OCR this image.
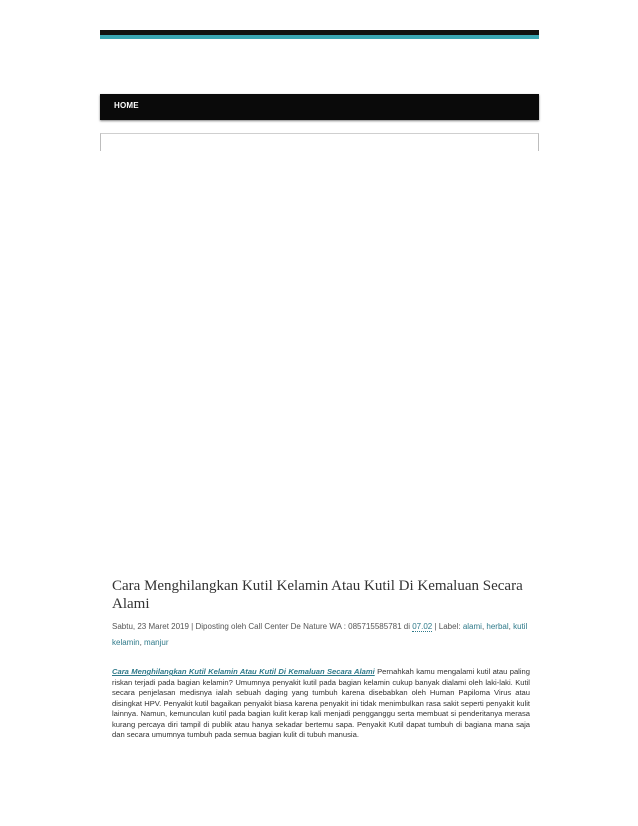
HOME
Cara Menghilangkan Kutil Kelamin Atau Kutil Di Kemaluan Secara Alami
Sabtu, 23 Maret 2019 | Diposting oleh Call Center De Nature WA : 085715585781 di 07.02 | Label: alami, herbal, kutil kelamin, manjur
Cara Menghilangkan Kutil Kelamin Atau Kutil Di Kemaluan Secara Alami Pernahkah kamu mengalami kutil atau paling riskan terjadi pada bagian kelamin? Umumnya penyakit kutil pada bagian kelamin cukup banyak dialami oleh laki-laki. Kutil secara penjelasan medisnya ialah sebuah daging yang tumbuh karena disebabkan oleh Human Papiloma Virus atau disingkat HPV. Penyakit kutil bagaikan penyakit biasa karena penyakit ini tidak menimbulkan rasa sakit seperti penyakit kulit lainnya. Namun, kemunculan kutil pada bagian kulit kerap kali menjadi pengganggu serta membuat si penderitanya merasa kurang percaya diri tampil di publik atau hanya sekadar bertemu sapa. Penyakit Kutil dapat tumbuh di bagiana mana saja dan secara umumnya tumbuh pada semua bagian kulit di tubuh manusia.
